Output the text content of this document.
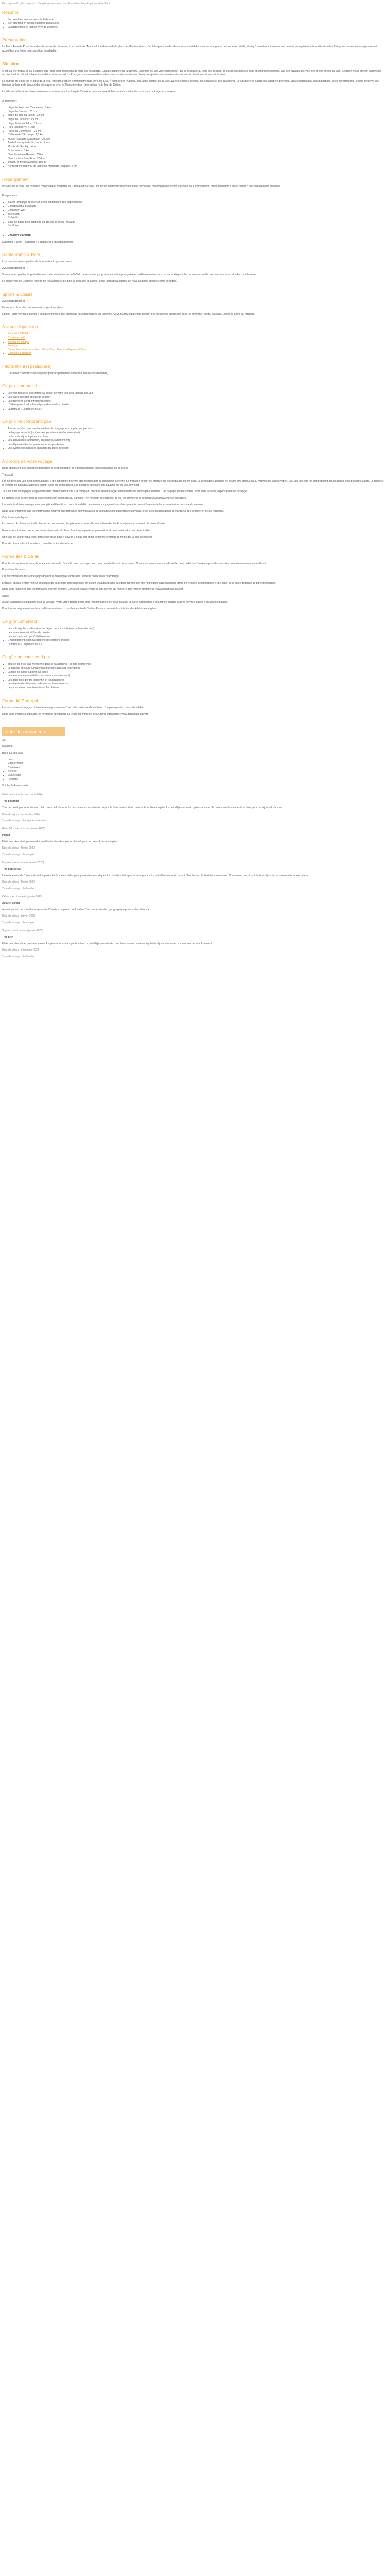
Description Ce gîte comprend : Ce gîte ne comprend pas Formalités Logo Imprimer Avis Client

Résumé
• Son emplacement au cœur de Lisbonne
• Son standing 4* et ses chambres spacieuses
• La gastronomie et l'art de vivre de Lisbonne
Présentation

Le Turim Avenida 4* est situé dans le centre de Lisbonne, à proximité de l'Avenida Liberdade et de la place des Restaurateurs. Cet hôtel propose des chambres confortables avec service gratuit de connexion Wi-Fi, ainsi qu'un restaurant servant une cuisine portugaise traditionnelle et un bar. Il dispose de tous les équipements et accueillera vos hôtes pour un séjour inoubliable.

Situation

C'est sur le Portugal et sur Lisbonne que nous vous proposons de faire une escapade. Capitale baignée par la lumière, Lisbonne est une ville cosmopolite, qui se découvre au fil de ses collines, de ses ruelles pavées et de ses tramways jaunes. Ville des navigateurs, ville des poètes et ville du fado, Lisbonne vous offre un patrimoine architectural et culturel riche entre tradition et modernité. Le Portugal vous réserve de nombreuses surprises entre ses places, ses jardins, ses musées et monuments historiques et son art de vivre.

Le quartier de Baixa est le cœur de la ville, reconstruit après le tremblement de terre de 1755. À l'est s'élève l'Alfama, plus vieux quartier de la ville, avec ses ruelles étroites, ses escaliers et ses belvédères. Le Chiado et le Bairro Alto, quartiers bohèmes, vous séduiront par leurs boutiques, cafés et restaurants. Belém conserve les témoins de la grande époque des découvertes avec le Monastère des Hiéronymites et la Tour de Belém.

La ville accueille de nombreux événements culturels tout au long de l'année et de nombreux établissements sont à découvrir pour prolonger vos soirées.

À proximité :

• plage de Praia dos Carcavelos : 9 km
• plage de Cascais : 25 km
• plage de Bico da Estoril : 22 km
• plage de Caparica : 13 km
• plage Fonte da Telha : 19 km
• Parc Eduardo VII : 1 km
• Place du Commerce : 1,5 km
• Château de São Jorge : 1,5 km
• Musée Calouste Gulbenkian : 2,5 km
• Jardin botanique de Lisbonne : 1 km
• Musée de l'Azulejo : 4 km
• Océanarium : 8 km
• Gare ferroviaire Rossio : 700 m
• Gare routière Sete Rios : 3,5 km
• Station de métro Avenida : 100 m
• Aéroport international de Lisbonne Humberto Delgado : 7 km
Hébergement

Installez-vous dans une chambre confortable et moderne au Turim Avenida Hotel. Toutes les chambres disposent d'une décoration contemporaine et sont équipées de la climatisation, d'une télévision à écran plat et d'une salle de bains privative.

Équipements :

• Balcon aménagé ou vue sur la ville en fonction des disponibilités
• Climatisation / chauffage
• Connexion Wifi
• Télévision
• Coffre-fort
• Salle de bains avec baignoire ou douche et sèche-cheveux
• Bouilloire
• Chambre Standard

Superficie : 18 m² – Capacité : 2 adultes et 1 enfant maximum

Restaurants & Bars

Lors de votre séjour, profitez de la formule « Logement seul ».

Avec participation (€) :

Vous pourrez profiter du petit-déjeuner buffet au restaurant de l'hôtel. Le restaurant propose une cuisine portugaise et méditerranéenne dans un cadre élégant. Le bar vous accueille pour savourer un cocktail ou une boisson.

Le centre-ville de Lisbonne regorge de restaurants et de bars où déguster la cuisine locale : bacalhau, pastéis de nata, sardines grillées et vins portugais.

Sports & Loisirs

Avec participation (€) :

Un service de location de vélos est proposé sur place.

L'hôtel Turim Avenida est situé à quelques minutes des principaux lieux touristiques de Lisbonne. Vous pourrez également profiter des excursions proposées dans les environs : Sintra, Cascais, Estoril, la Serra da Arrábida.

À votre disposition
• Réception 24h/24
• Connexion Wifi
• Bureau de change
• Parking
• Cartes bancaires acceptées : MasterCard, American Express & Visa
• Consigne à bagages
Information(s) pratique(s)
• Certaines chambres sont adaptées pour les personnes à mobilité réduite (sur demande).
Ce prix comprend :
• Les vols réguliers, aller/retour au départ de votre ville (voir tableau des vols)
• Les taxes aéroport et frais de dossier
• Les transferts aéroport/hôtel/aéroport
• L'hébergement selon la catégorie de chambre choisie
• La formule « Logement seul »
Ce prix ne comprend pas :
• Tout ce qui n'est pas mentionné dans le paragraphe « ce prix comprend »
• Le bagage en soute (uniquement possible après la réservation)
• La taxe de séjour à payer sur place
• Les assurances (annulation, assistance, rapatriement)
• Les dépenses d'ordre personnel et les pourboires
• Les éventuelles hausses carburant ou taxes aéroport
À propos de votre voyage

Nous appliquons des conditions particulières de modification et d'annulation pour les réservations de ce séjour.

Transport :

Les horaires des vols sont communiqués à titre indicatif et peuvent être modifiés par la compagnie aérienne. Le transport aérien est effectué sur vols réguliers ou low-cost. La compagnie aérienne ne pourra être connue qu'au moment de la réservation. Les vols low-cost ne comprennent pas les repas ni les boissons à bord. Le poids et le nombre de bagages autorisés varient selon les compagnies. Les bagages en soute sont payants sur les vols low-cost.

Tous les frais de bagages supplémentaires ou d'excédent sont à la charge du client et seront à régler directement à la compagnie aérienne. Les bagages et leur contenu sont sous la seule responsabilité du passager.

Le premier et le dernier jour de votre séjour sont consacrés au transport : en fonction des horaires de vol, les premières et dernières nuits peuvent être écourtées.

Les enfants doivent voyager avec une pièce d'identité en cours de validité. Les mineurs voyageant sans leurs parents doivent être munis d'une autorisation de sortie du territoire.

Nous vous informons que les informations relatives aux formalités administratives et sanitaires sont susceptibles d'évoluer. Il est de la responsabilité du voyageur de s'informer et de les respecter.

Conditions spécifiques :

Le nombre de places est limité. En cas de désistement, les prix seront recalculés sur la base des tarifs en vigueur au moment de la modification.

Nous vous informons que le prix de ce séjour est calculé en fonction de plusieurs paramètres et peut varier selon les disponibilités.

Une taxe de séjour est à régler directement sur place : environ 2 € par nuit et par personne (enfants de moins de 13 ans exemptés).

Pour de plus amples informations, consultez notre site internet.

Formalités & Santé

Pour les ressortissants français, une carte nationale d'identité ou un passeport en cours de validité sont nécessaires. Nous vous recommandons de vérifier les conditions d'entrée auprès des autorités compétentes avant votre départ.

Formalités douanes

Les ressortissants des autres pays doivent se renseigner auprès des autorités consulaires du Portugal.

Enfants : chaque enfant mineur doit posséder sa propre pièce d'identité. Un enfant voyageant sans ses deux parents doit être muni d'une autorisation de sortie de territoire accompagnée d'une copie de la pièce d'identité du parent signataire.

Nous vous rappelons que les formalités peuvent évoluer. Consultez régulièrement le site internet du ministère des Affaires étrangères : www.diplomatie.gouv.fr

Santé

Aucun vaccin n'est obligatoire pour ce voyage. Avant votre départ, nous vous recommandons de vous procurer la carte européenne d'assurance maladie auprès de votre caisse d'assurance maladie.

Pour tout renseignement sur les conditions sanitaires, consultez le site de l'Institut Pasteur ou celui du ministère des Affaires étrangères.

Ce gîte comprend
• Les vols réguliers, aller/retour au départ de votre ville (voir tableau des vols)
• Les taxes aéroport et frais de dossier
• Les transferts aéroport/hôtel/aéroport
• L'hébergement selon la catégorie de chambre choisie
• La formule « Logement seul »
Ce gîte ne comprend pas
• Tout ce qui n'est pas mentionné dans le paragraphe « ce gîte comprend »
• Le bagage en soute (uniquement possible après la réservation)
• La taxe de séjour à payer sur place
• Les assurances (annulation, assistance, rapatriement)
• Les dépenses d'ordre personnel et les pourboires
• Les éventuelles hausses carburant ou taxes aéroport
• Les prestations complémentaires facultatives
Formalité Portugal

Les ressortissants français doivent être en possession d'une carte nationale d'identité ou d'un passeport en cours de validité.

Nous vous invitons à consulter les formalités en vigueur sur le site du ministère des Affaires étrangères : www.diplomatie.gouv.fr

Note des voyageurs

3/5

Moyenne

Basé sur 789 Avis

• Lieux
• Emplacement
• Chambres
• Service
• Qualité/prix
• Propreté

Voir les 5 derniers avis

Hôtel très à tout le pour - août 2024

Très bel hôtel

Très bel hôtel, propre et situé en plein cœur de Lisbonne. Le personnel est aimable et disponible. La chambre était confortable et bien équipée. Le petit-déjeuner était copieux et varié. Je recommande vivement cet hôtel pour un séjour à Lisbonne.

Date du séjour : septembre 2024

Type de voyage : Escapade entre amis

Elise, 50 b a écrit un avis (mars 2023)

Parfait

Hôtel très bien situé, personnel accueillant et chambre propre. Parfait pour découvrir Lisbonne à pied.

Date du séjour : février 2023

Type de voyage : En couple

Marjorie a écrit un avis (février 2023)

Très bon séjour

L'emplacement de l'hôtel est idéal, à proximité du métro et des principaux sites touristiques. La chambre était spacieuse et propre. Le petit-déjeuner était correct. Seul bémol : le bruit de la rue le soir. Nous avons passé un très bon séjour et nous reviendrons avec plaisir.

Date du séjour : février 2023

Type de voyage : En famille

Céline a écrit un avis (janvier 2023)

Accueil parfait

Accueil parfait, personnel très serviable. Chambre propre et confortable. Très bonne situation géographique pour visiter Lisbonne.

Date du séjour : janvier 2023

Type de voyage : En couple

Sophie a écrit un avis (janvier 2023)

Très bien

Hôtel très bien placé, propre et calme. Le personnel est aux petits soins. Le petit-déjeuner est très bon. Nous avons passé un agréable séjour et nous recommandons cet établissement.

Date du séjour : décembre 2022

Type de voyage : En famille
